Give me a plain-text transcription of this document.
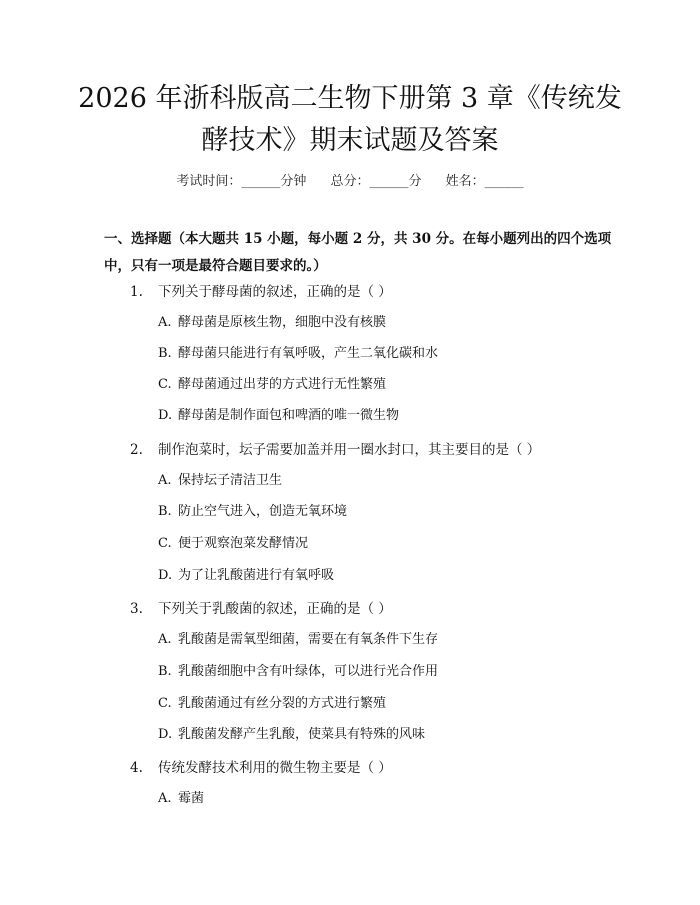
2026 年浙科版高二生物下册第 3 章《传统发
酵技术》期末试题及答案
考试时间：______分钟 总分：______分 姓名：______

一、选择题（本大题共 15 小题，每小题 2 分，共 30 分。在每小题列出的四个选项中，只有一项是最符合题目要求的。）

1. 下列关于酵母菌的叙述，正确的是（ ）
A. 酵母菌是原核生物，细胞中没有核膜
B. 酵母菌只能进行有氧呼吸，产生二氧化碳和水
C. 酵母菌通过出芽的方式进行无性繁殖
D. 酵母菌是制作面包和啤酒的唯一微生物
2. 制作泡菜时，坛子需要加盖并用一圈水封口，其主要目的是（ ）
A. 保持坛子清洁卫生
B. 防止空气进入，创造无氧环境
C. 便于观察泡菜发酵情况
D. 为了让乳酸菌进行有氧呼吸
3. 下列关于乳酸菌的叙述，正确的是（ ）
A. 乳酸菌是需氧型细菌，需要在有氧条件下生存
B. 乳酸菌细胞中含有叶绿体，可以进行光合作用
C. 乳酸菌通过有丝分裂的方式进行繁殖
D. 乳酸菌发酵产生乳酸，使菜具有特殊的风味
4. 传统发酵技术利用的微生物主要是（ ）
A. 霉菌
